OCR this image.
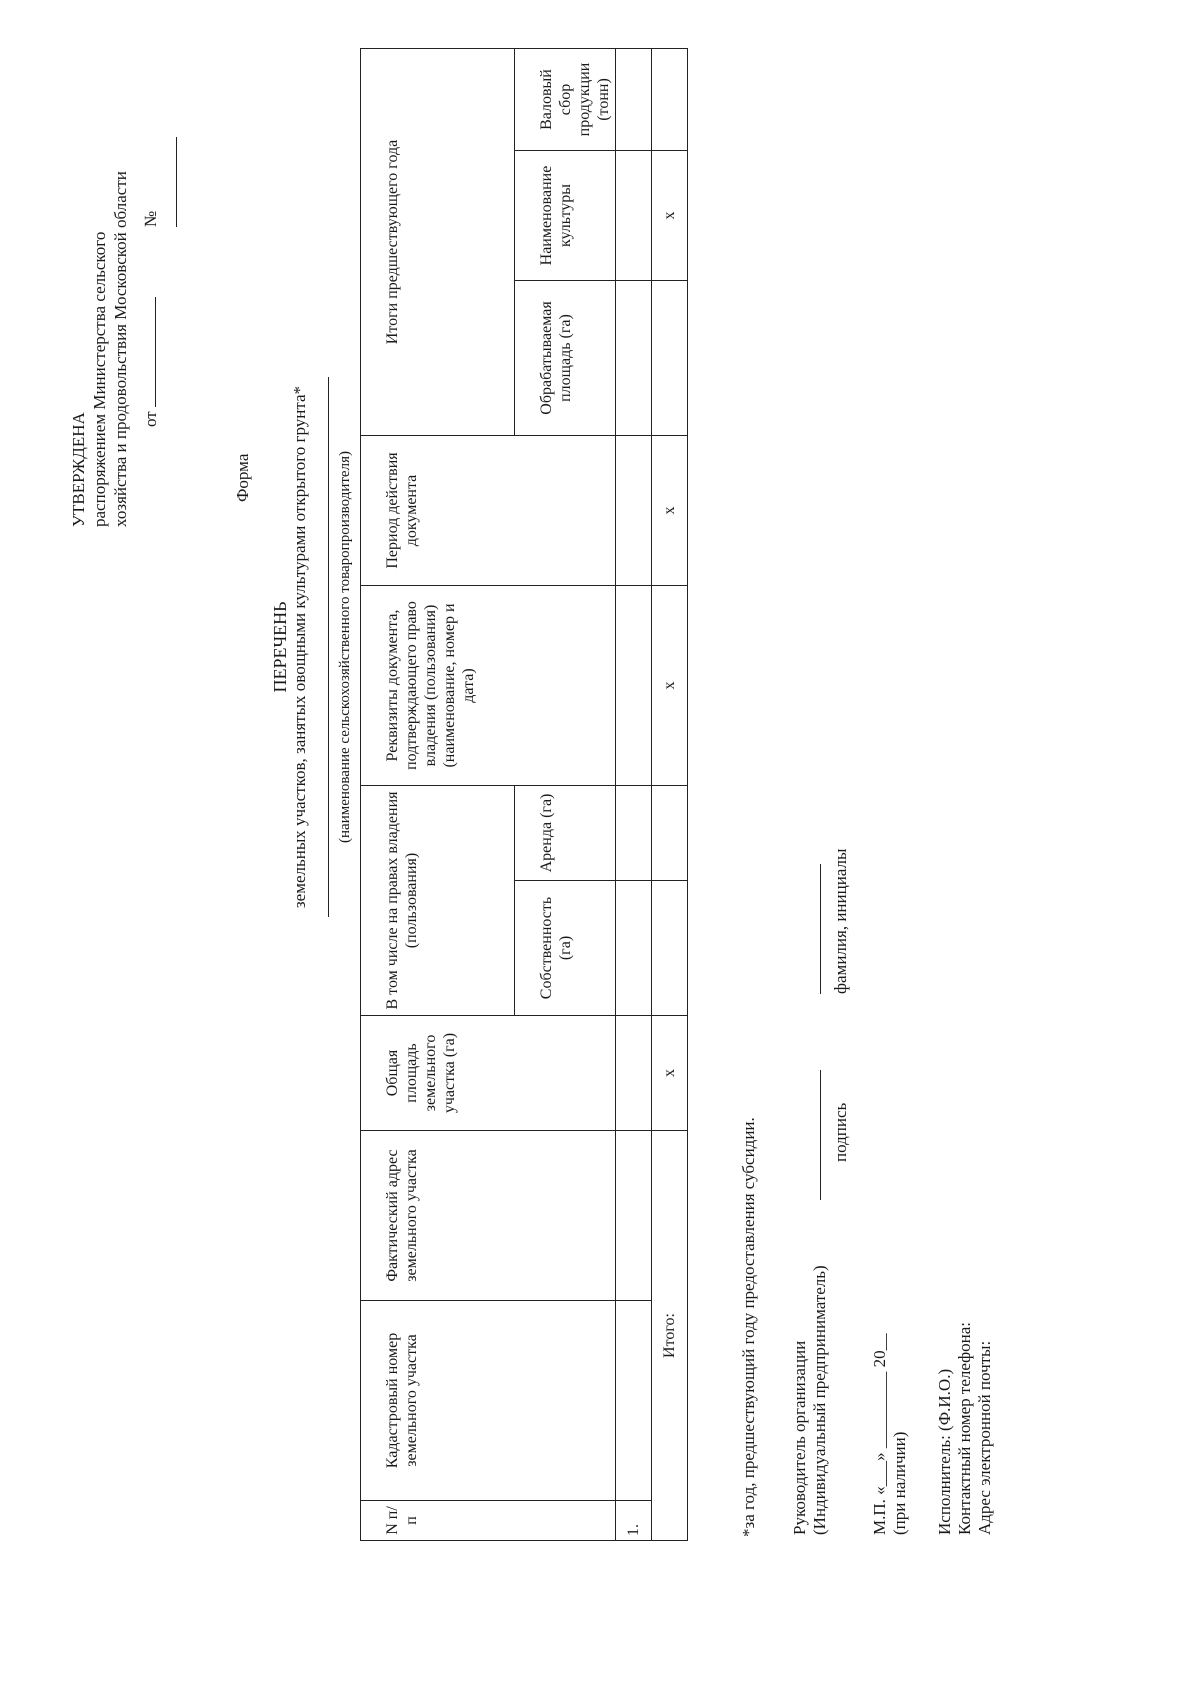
УТВЕРЖДЕНА распоряжением Министерства сельского хозяйства и продовольствия Московской области от
№
Форма
ПЕРЕЧЕНЬ земельных участков, занятых овощными культурами открытого грунта* (наименование сельскохозяйственного товаропроизводителя)
N п/п	Кадастровый номер земельного участка	Фактический адрес земельного участка	Общая площадь земельного участка (га)	В том числе на правах владения (пользования)		Реквизиты документа, подтверждающего право владения (пользования) (наименование, номер и дата)	Период действия документа	Итоги предшествующего года		
				Собственность (га)	Аренда (га)			Обрабатываемая площадь (га)	Наименование культуры	Валовый сбор продукции (тонн)
1.										
Итого:			x			x	x		x	
*за год, предшествующий году предоставления субсидии. Руководитель организации (Индивидуальный предприниматель)
подпись
фамилия, инициалы
М.П. «___» _________ 20__ (при наличии) Исполнитель: (Ф.И.О.) Контактный номер телефона: Адрес электронной почты:
